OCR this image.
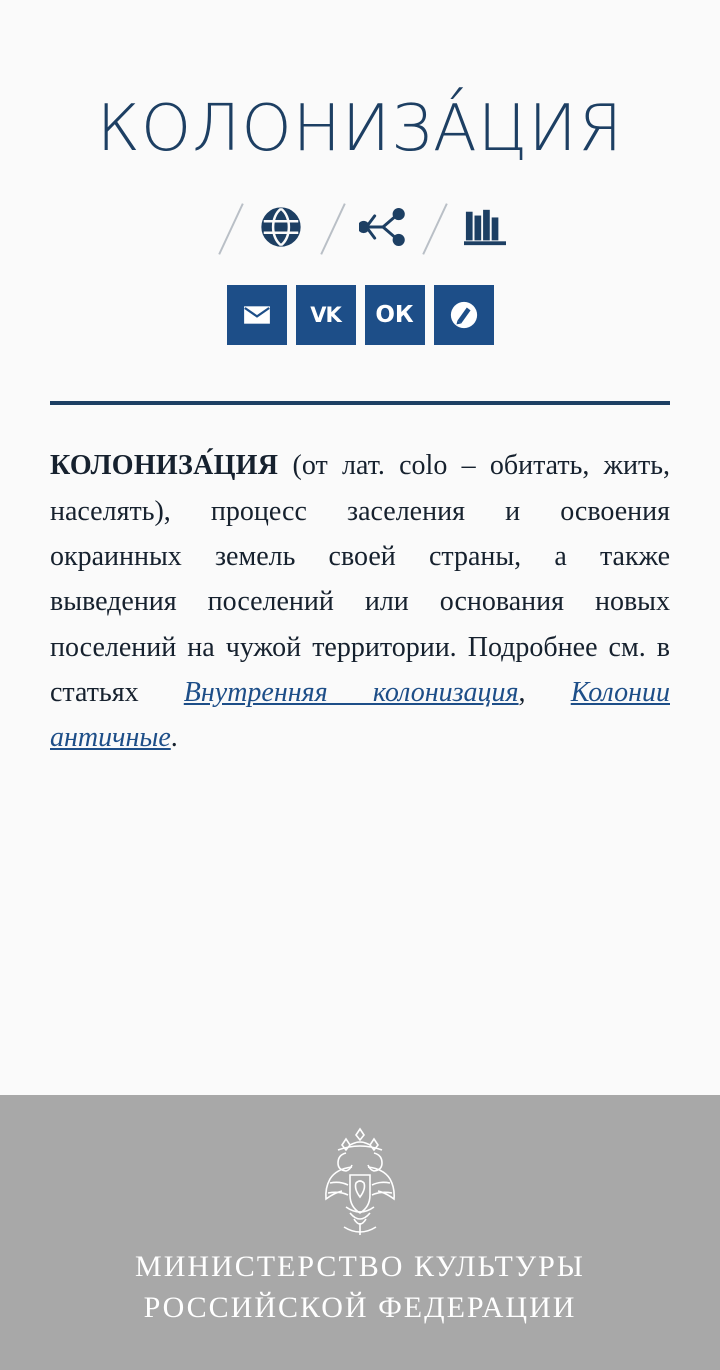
КОЛОНИЗА́ЦИЯ
VK ОК

КОЛОНИЗА́ЦИЯ (от лат. colo – обитать, жить, населять), процесс заселения и освоения окраинных земель своей страны, а также выведения поселений или основания новых поселений на чужой территории. Подробнее см. в статьях Внутренняя колонизация, Колонии античные.

МИНИСТЕРСТВО КУЛЬТУРЫ
РОССИЙСКОЙ ФЕДЕРАЦИИ
